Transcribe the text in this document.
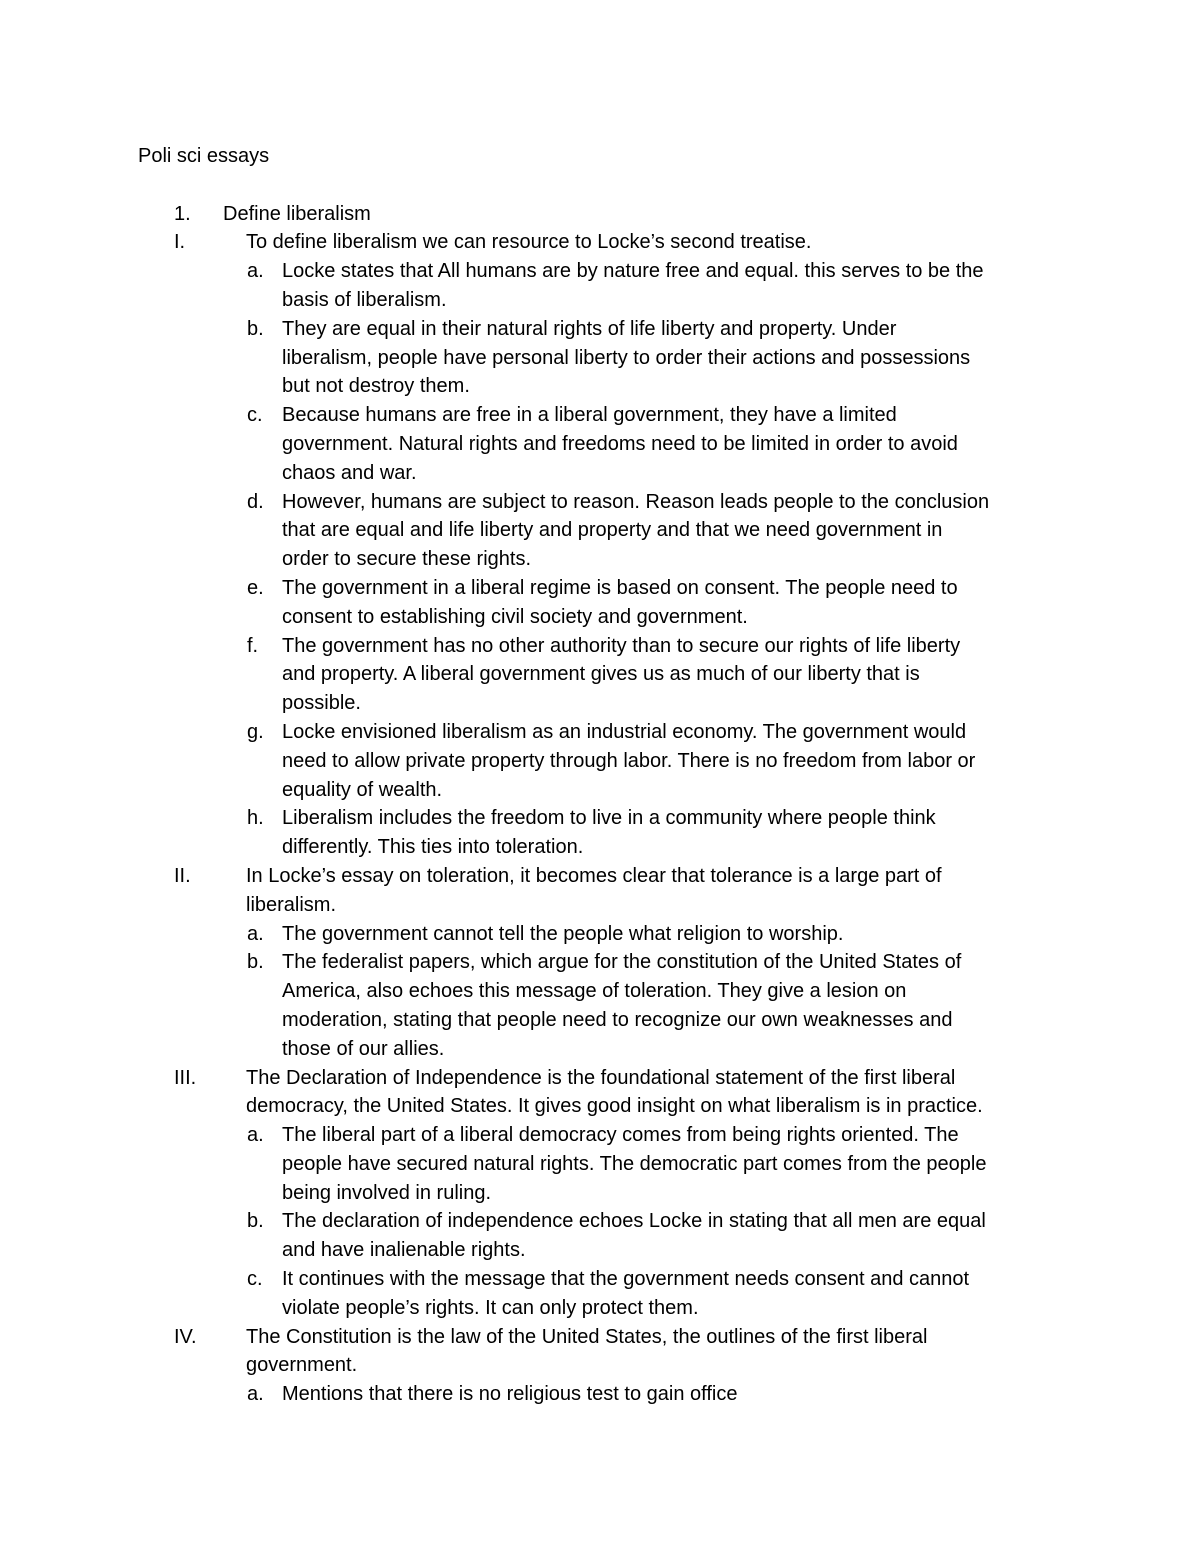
Poli sci essays
1. Define liberalism
I.	To define liberalism we can resource to Locke’s second treatise.
a. Locke states that All humans are by nature free and equal. this serves to be the
basis of liberalism.
b. They are equal in their natural rights of life liberty and property. Under
liberalism, people have personal liberty to order their actions and possessions
but not destroy them.
c. Because humans are free in a liberal government, they have a limited
government. Natural rights and freedoms need to be limited in order to avoid
chaos and war.
d. However, humans are subject to reason. Reason leads people to the conclusion
that are equal and life liberty and property and that we need government in
order to secure these rights.
e. The government in a liberal regime is based on consent. The people need to
consent to establishing civil society and government.
f. The government has no other authority than to secure our rights of life liberty
and property. A liberal government gives us as much of our liberty that is
possible.
g. Locke envisioned liberalism as an industrial economy. The government would
need to allow private property through labor. There is no freedom from labor or
equality of wealth.
h. Liberalism includes the freedom to live in a community where people think
differently. This ties into toleration.
II.	In Locke’s essay on toleration, it becomes clear that tolerance is a large part of
liberalism.
a. The government cannot tell the people what religion to worship.
b. The federalist papers, which argue for the constitution of the United States of
America, also echoes this message of toleration. They give a lesion on
moderation, stating that people need to recognize our own weaknesses and
those of our allies.
III. The Declaration of Independence is the foundational statement of the first liberal
democracy, the United States. It gives good insight on what liberalism is in practice.
a. The liberal part of a liberal democracy comes from being rights oriented. The
people have secured natural rights. The democratic part comes from the people
being involved in ruling.
b. The declaration of independence echoes Locke in stating that all men are equal
and have inalienable rights.
c. It continues with the message that the government needs consent and cannot
violate people’s rights. It can only protect them.
IV. The Constitution is the law of the United States, the outlines of the first liberal
government.
a. Mentions that there is no religious test to gain office
